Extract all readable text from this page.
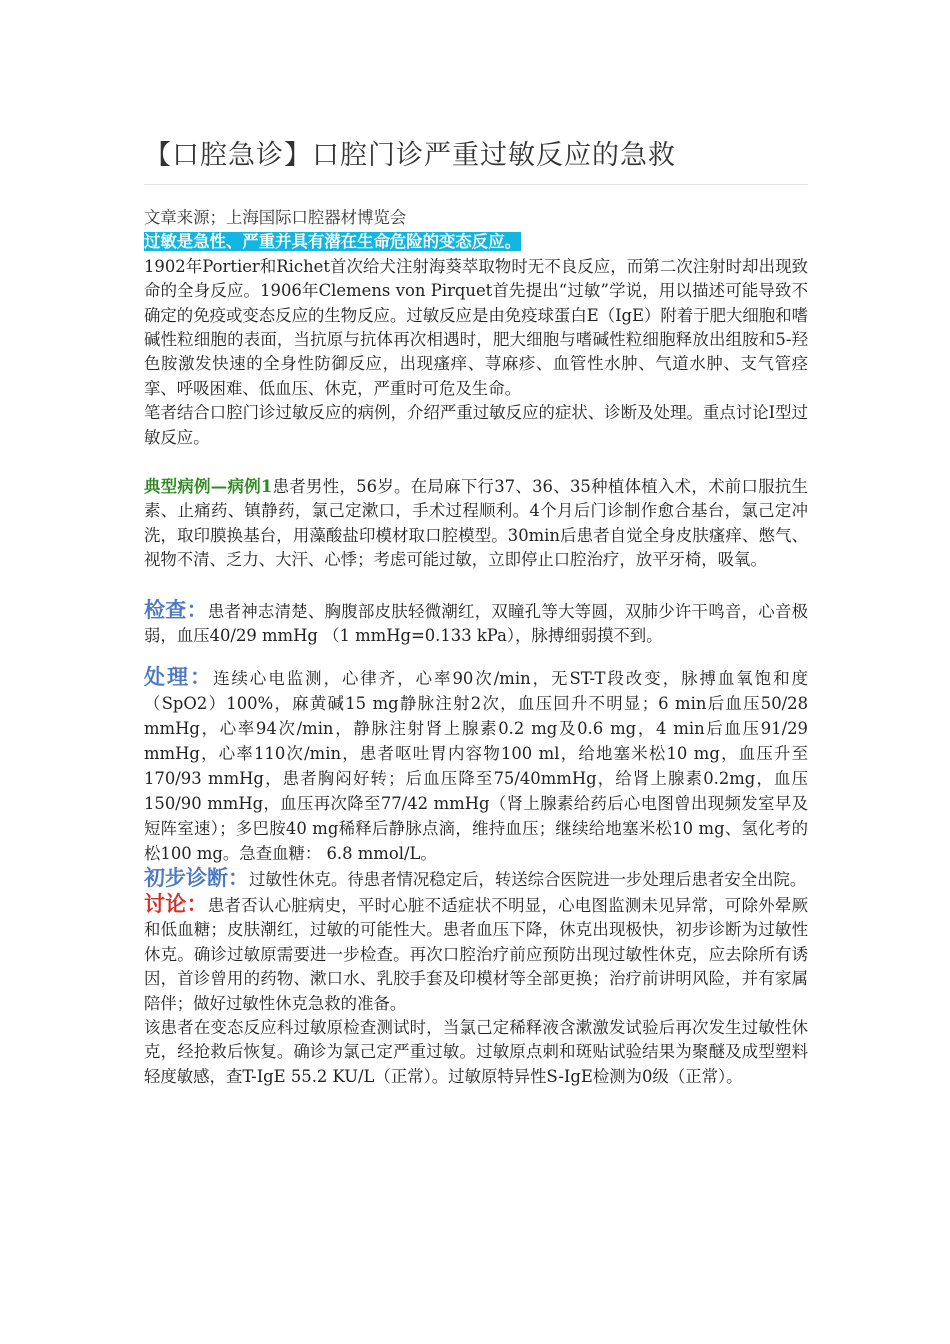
【口腔急诊】口腔门诊严重过敏反应的急救

文章来源；上海国际口腔器材博览会

过敏是急性、严重并具有潜在生命危险的变态反应。

1902年Portier和Richet首次给犬注射海葵萃取物时无不良反应，而第二次注射时却出现致命的全身反应。1906年Clemens von Pirquet首先提出“过敏”学说，用以描述可能导致不确定的免疫或变态反应的生物反应。过敏反应是由免疫球蛋白E（IgE）附着于肥大细胞和嗜碱性粒细胞的表面，当抗原与抗体再次相遇时，肥大细胞与嗜碱性粒细胞释放出组胺和5-羟色胺激发快速的全身性防御反应，出现瘙痒、荨麻疹、血管性水肿、气道水肿、支气管痉挛、呼吸困难、低血压、休克，严重时可危及生命。

笔者结合口腔门诊过敏反应的病例，介绍严重过敏反应的症状、诊断及处理。重点讨论I型过敏反应。

典型病例—病例1患者男性，56岁。在局麻下行37、36、35种植体植入术，术前口服抗生素、止痛药、镇静药，氯己定漱口，手术过程顺利。4个月后门诊制作愈合基台，氯己定冲洗，取印膜换基台，用藻酸盐印模材取口腔模型。30min后患者自觉全身皮肤瘙痒、憋气、视物不清、乏力、大汗、心悸；考虑可能过敏，立即停止口腔治疗，放平牙椅，吸氧。

检查：患者神志清楚、胸腹部皮肤轻微潮红，双瞳孔等大等圆，双肺少许干鸣音，心音极弱，血压40/29 mmHg （1 mmHg=0.133 kPa），脉搏细弱摸不到。

处理：连续心电监测，心律齐，心率90次/min，无ST-T段改变，脉搏血氧饱和度（SpO2）100%，麻黄碱15 mg静脉注射2次，血压回升不明显；6 min后血压50/28 mmHg，心率94次/min，静脉注射肾上腺素0.2 mg及0.6 mg，4 min后血压91/29 mmHg，心率110次/min，患者呕吐胃内容物100 ml，给地塞米松10 mg，血压升至170/93 mmHg，患者胸闷好转；后血压降至75/40mmHg，给肾上腺素0.2mg，血压150/90 mmHg，血压再次降至77/42 mmHg（肾上腺素给药后心电图曾出现频发室早及短阵室速）；多巴胺40 mg稀释后静脉点滴，维持血压；继续给地塞米松10 mg、氢化考的松100 mg。急查血糖： 6.8 mmol/L。

初步诊断：过敏性休克。待患者情况稳定后，转送综合医院进一步处理后患者安全出院。

讨论：患者否认心脏病史，平时心脏不适症状不明显，心电图监测未见异常，可除外晕厥和低血糖；皮肤潮红，过敏的可能性大。患者血压下降，休克出现极快，初步诊断为过敏性休克。确诊过敏原需要进一步检查。再次口腔治疗前应预防出现过敏性休克，应去除所有诱因，首诊曾用的药物、漱口水、乳胶手套及印模材等全部更换；治疗前讲明风险，并有家属陪伴；做好过敏性休克急救的准备。

该患者在变态反应科过敏原检查测试时，当氯己定稀释液含漱激发试验后再次发生过敏性休克，经抢救后恢复。确诊为氯己定严重过敏。过敏原点刺和斑贴试验结果为聚醚及成型塑料轻度敏感，查T-IgE 55.2 KU/L（正常）。过敏原特异性S-IgE检测为0级（正常）。
